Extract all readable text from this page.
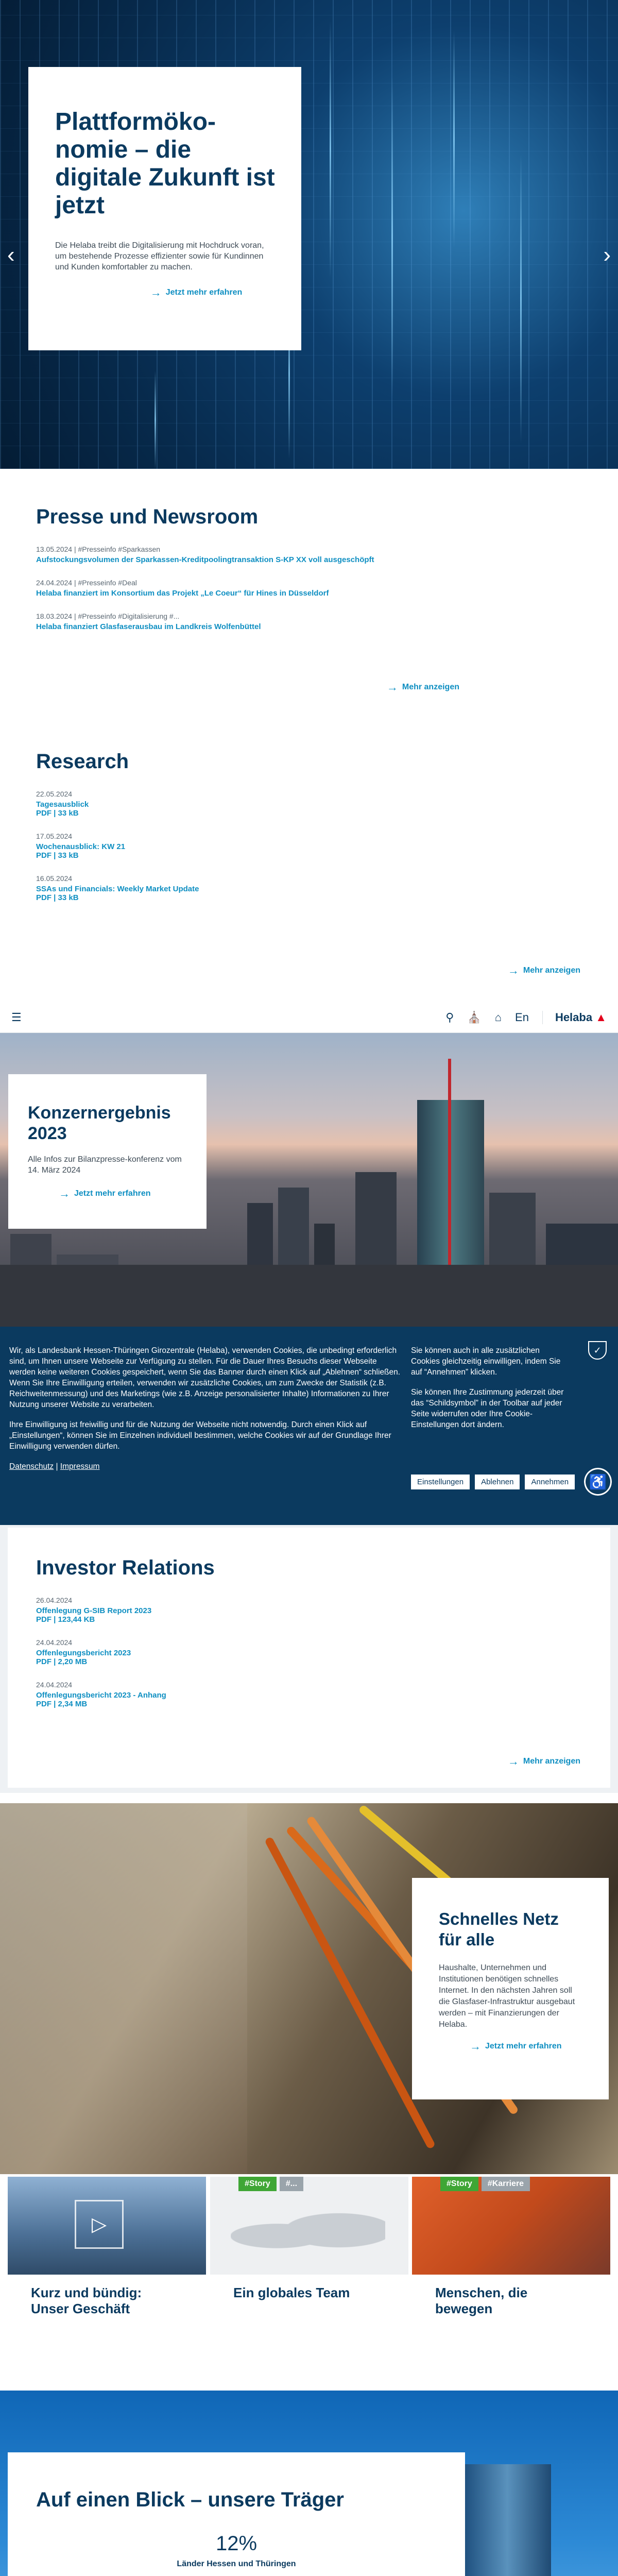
‹	›
Plattformöko-nomie – die digitale Zukunft ist jetzt

Die Helaba treibt die Digitalisierung mit Hochdruck voran, um bestehende Prozesse effizienter sowie für Kundinnen und Kunden komfortabler zu machen.

→ Jetzt mehr erfahren
Presse und Newsroom
13.05.2024 | #Presseinfo #Sparkassen
Aufstockungsvolumen der Sparkassen-Kreditpoolingtransaktion S-KP XX voll ausgeschöpft
24.04.2024 | #Presseinfo #Deal
Helaba finanziert im Konsortium das Projekt „Le Coeur“ für Hines in Düsseldorf
18.03.2024 | #Presseinfo #Digitalisierung #...
Helaba finanziert Glasfaserausbau im Landkreis Wolfenbüttel
→ Mehr anzeigen
Research
22.05.2024
Tagesausblick
PDF | 33 kB
17.05.2024
Wochenausblick: KW 21
PDF | 33 kB
16.05.2024
SSAs und Financials: Weekly Market Update
PDF | 33 kB
→ Mehr anzeigen
☰	⚲ ⛪ ⌂ En	Helaba ▲
Konzernergebnis 2023

Alle Infos zur Bilanzpresse-konferenz vom 14. März 2024

→ Jetzt mehr erfahren

Wir, als Landesbank Hessen-Thüringen Girozentrale (Helaba), verwenden Cookies, die unbedingt erforderlich sind, um Ihnen unsere Webseite zur Verfügung zu stellen. Für die Dauer Ihres Besuchs dieser Webseite werden keine weiteren Cookies gespeichert, wenn Sie das Banner durch einen Klick auf „Ablehnen“ schließen. Wenn Sie Ihre Einwilligung erteilen, verwenden wir zusätzliche Cookies, um zum Zwecke der Statistik (z.B. Reichweitenmessung) und des Marketings (wie z.B. Anzeige personalisierter Inhalte) Informationen zu Ihrer Nutzung unserer Website zu verarbeiten.

Ihre Einwilligung ist freiwillig und für die Nutzung der Webseite nicht notwendig. Durch einen Klick auf „Einstellungen“, können Sie im Einzelnen individuell bestimmen, welche Cookies wir auf der Grundlage Ihrer Einwilligung verwenden dürfen.

Datenschutz | Impressum

Sie können auch in alle zusätzlichen Cookies gleichzeitig einwilligen, indem Sie auf “Annehmen” klicken.

Sie können Ihre Zustimmung jederzeit über das “Schildsymbol” in der Toolbar auf jeder Seite widerrufen oder Ihre Cookie-Einstellungen dort ändern.

Einstellungen	Ablehnen	Annehmen
✓
♿
Investor Relations
26.04.2024
Offenlegung G-SIB Report 2023
PDF | 123,44 KB
24.04.2024
Offenlegungsbericht 2023
PDF | 2,20 MB
24.04.2024
Offenlegungsbericht 2023 - Anhang
PDF | 2,34 MB
→ Mehr anzeigen
Schnelles Netz für alle

Haushalte, Unternehmen und Institutionen benötigen schnelles Internet. In den nächsten Jahren soll die Glasfaser-Infrastruktur ausgebaut werden – mit Finanzierungen der Helaba.

→ Jetzt mehr erfahren
▷
Kurz und bündig: Unser Geschäft
#Story #...
Ein globales Team
#Story #Karriere
Menschen, die bewegen
Auf einen Blick – unsere Träger
12%
Länder Hessen und Thüringen
